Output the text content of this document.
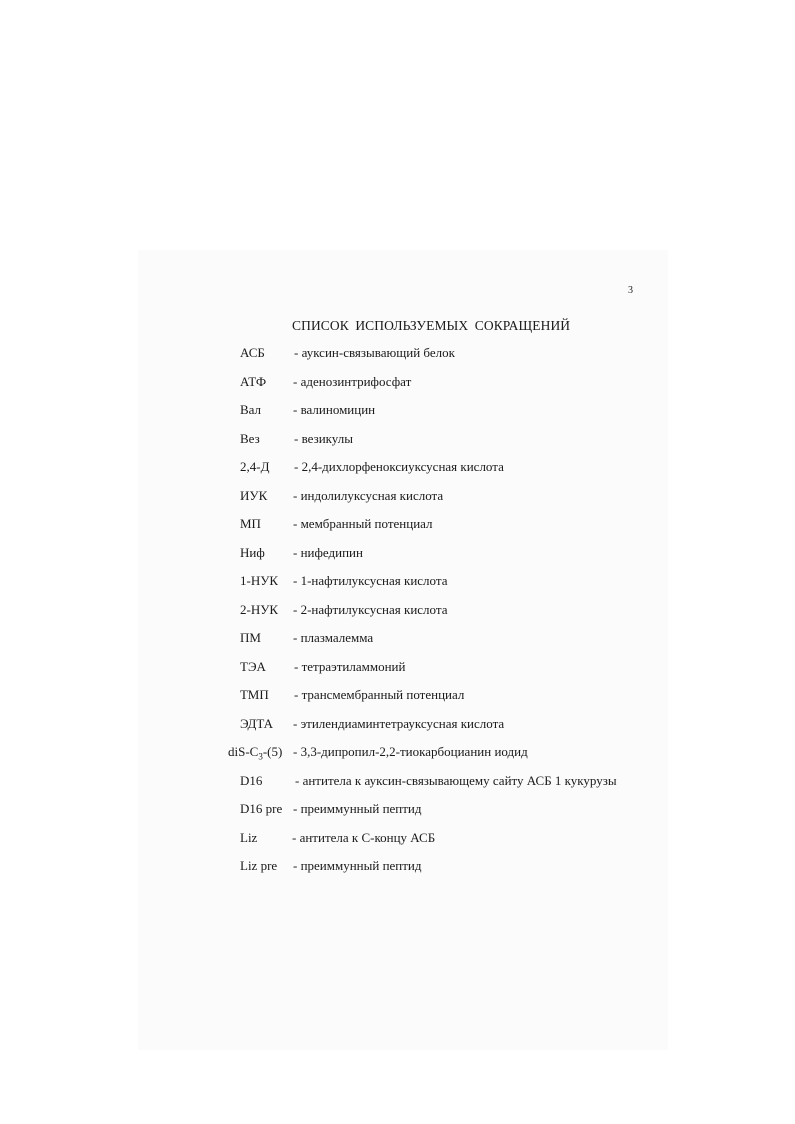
3
СПИСОК ИСПОЛЬЗУЕМЫХ СОКРАЩЕНИЙ
АСБ - ауксин-связывающий белок
АТФ - аденозинтрифосфат
Вал - валиномицин
Вез	- везикулы
2,4-Д - 2,4-дихлорфеноксиуксусная кислота
ИУК - индолилуксусная кислота
МП - мембранный потенциал
Ниф - нифедипин
1-НУК - 1-нафтилуксусная кислота
2-НУК - 2-нафтилуксусная кислота
ПМ - плазмалемма
ТЭА - тетраэтиламмоний
ТМП - трансмембранный потенциал
ЭДТА - этилендиаминтетрауксусная кислота
diS-$C_3-(5)$ - 3,3-дипропил-2,2-тиокарбоцианин иодид
D16	- антитела к ауксин-связывающему сайту АСБ 1 кукурузы
D16 pre - преиммунный пептид
Liz	- антитела к С-концу АСБ
Liz pre - преиммунный пептид
